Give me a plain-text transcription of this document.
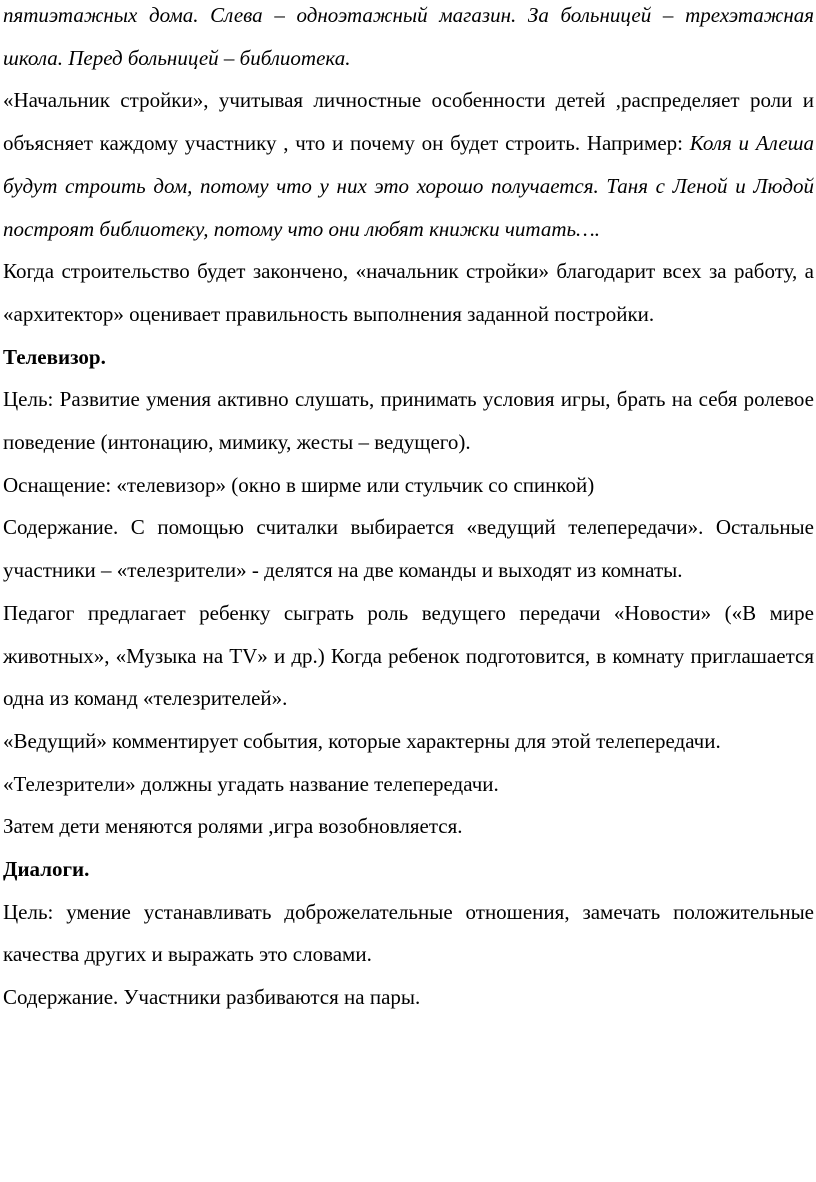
пятиэтажных дома. Слева – одноэтажный магазин. За больницей – трехэтажная школа. Перед больницей – библиотека.

«Начальник стройки», учитывая личностные особенности детей ,распределяет роли и объясняет каждому участнику , что и почему он будет строить. Например: Коля и Алеша будут строить дом, потому что у них это хорошо получается. Таня с Леной и Людой построят библиотеку, потому что они любят книжки читать….

Когда строительство будет закончено, «начальник стройки» благодарит всех за работу, а «архитектор» оценивает правильность выполнения заданной постройки.

Телевизор.

Цель: Развитие умения активно слушать, принимать условия игры, брать на себя ролевое поведение (интонацию, мимику, жесты – ведущего).

Оснащение: «телевизор» (окно в ширме или стульчик со спинкой)

Содержание. С помощью считалки выбирается «ведущий телепередачи». Остальные участники – «телезрители» - делятся на две команды и выходят из комнаты.

Педагог предлагает ребенку сыграть роль ведущего передачи «Новости» («В мире животных», «Музыка на TV» и др.) Когда ребенок подготовится, в комнату приглашается одна из команд «телезрителей».

«Ведущий» комментирует события, которые характерны для этой телепередачи.

«Телезрители» должны угадать название телепередачи.

Затем дети меняются ролями ,игра возобновляется.

Диалоги.

Цель: умение устанавливать доброжелательные отношения, замечать положительные качества других и выражать это словами.

Содержание. Участники разбиваются на пары.
